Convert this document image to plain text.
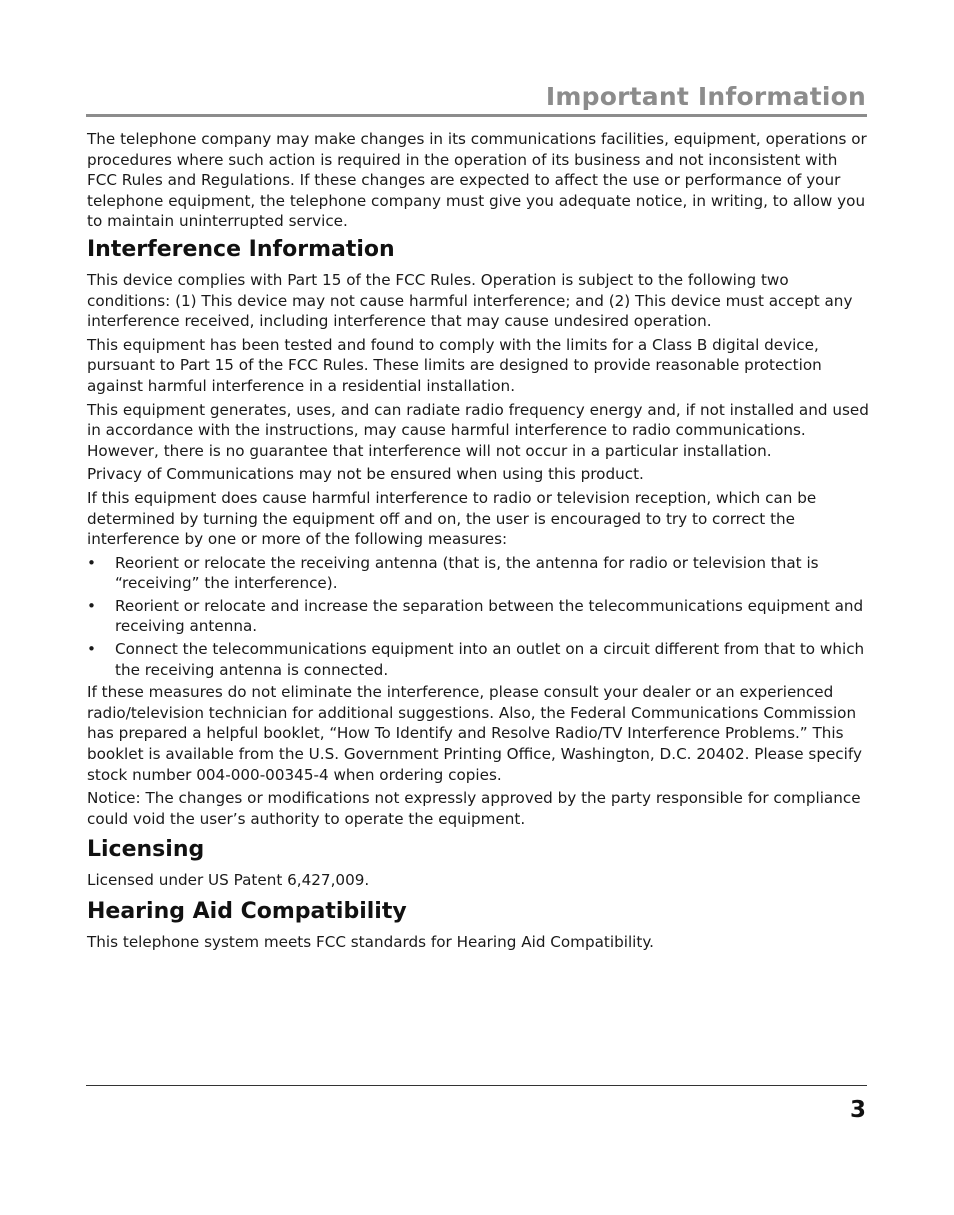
Important Information

The telephone company may make changes in its communications facilities, equipment, operations or procedures where such action is required in the operation of its business and not inconsistent with FCC Rules and Regulations. If these changes are expected to affect the use or performance of your telephone equipment, the telephone company must give you adequate notice, in writing, to allow you to maintain uninterrupted service.

Interference Information

This device complies with Part 15 of the FCC Rules. Operation is subject to the following two conditions: (1) This device may not cause harmful interference; and (2) This device must accept any interference received, including interference that may cause undesired operation.

This equipment has been tested and found to comply with the limits for a Class B digital device, pursuant to Part 15 of the FCC Rules. These limits are designed to provide reasonable protection against harmful interference in a residential installation.

This equipment generates, uses, and can radiate radio frequency energy and, if not installed and used in accordance with the instructions, may cause harmful interference to radio communications. However, there is no guarantee that interference will not occur in a particular installation.

Privacy of Communications may not be ensured when using this product.

If this equipment does cause harmful interference to radio or television reception, which can be determined by turning the equipment off and on, the user is encouraged to try to correct the interference by one or more of the following measures:

• Reorient or relocate the receiving antenna (that is, the antenna for radio or television that is “receiving” the interference).
• Reorient or relocate and increase the separation between the telecommunications equipment and receiving antenna.
• Connect the telecommunications equipment into an outlet on a circuit different from that to which the receiving antenna is connected.

If these measures do not eliminate the interference, please consult your dealer or an experienced radio/television technician for additional suggestions. Also, the Federal Communications Commission has prepared a helpful booklet, “How To Identify and Resolve Radio/TV Interference Problems.” This booklet is available from the U.S. Government Printing Office, Washington, D.C. 20402. Please specify stock number 004-000-00345-4 when ordering copies.

Notice: The changes or modifications not expressly approved by the party responsible for compliance could void the user’s authority to operate the equipment.

Licensing

Licensed under US Patent 6,427,009.

Hearing Aid Compatibility

This telephone system meets FCC standards for Hearing Aid Compatibility.

3
